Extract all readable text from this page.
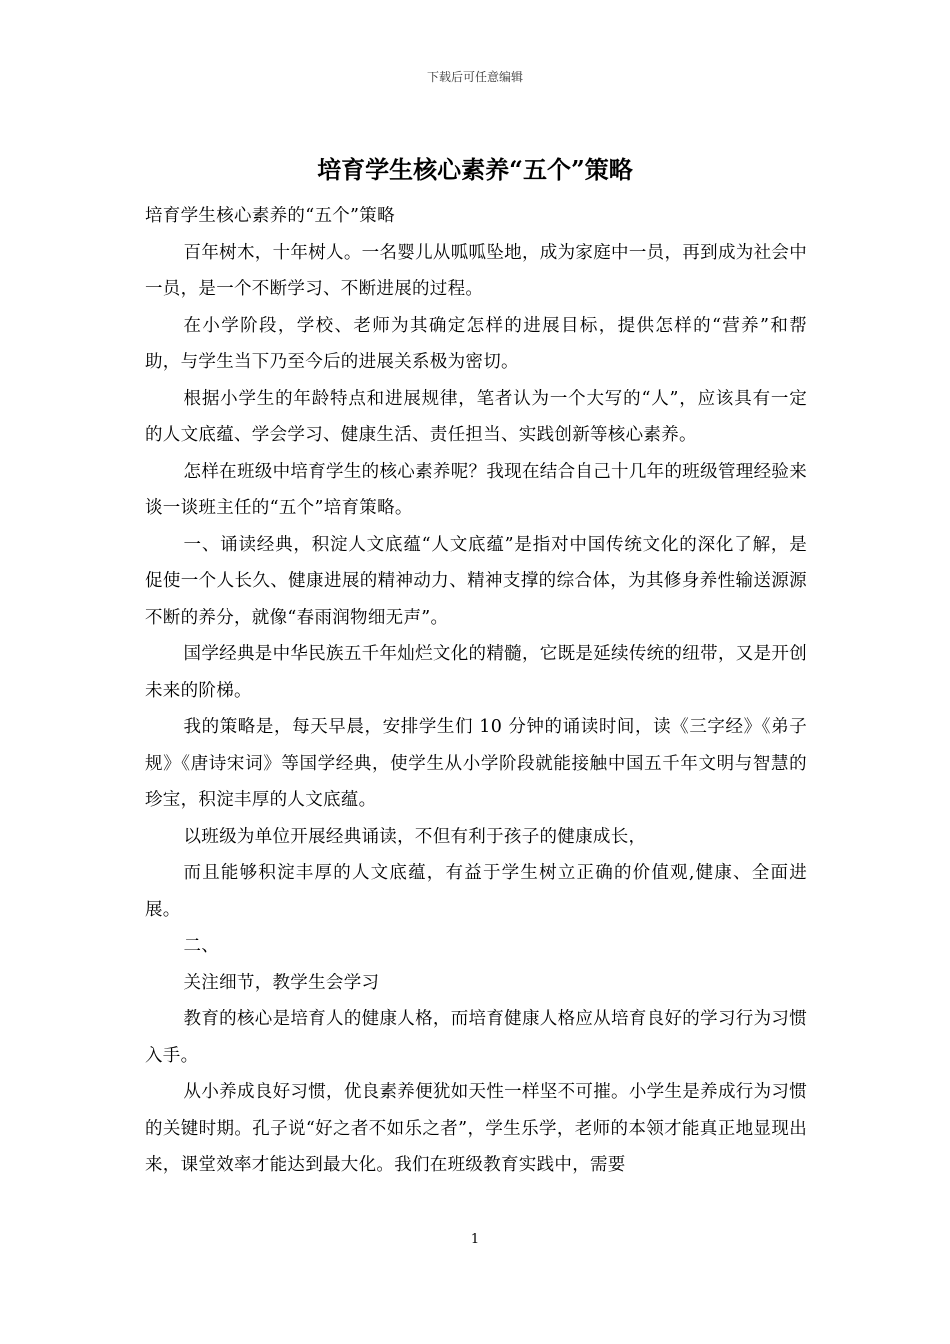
下载后可任意编辑
培育学生核心素养“五个”策略

培育学生核心素养的“五个”策略

百年树木，十年树人。一名婴儿从呱呱坠地，成为家庭中一员，再到成为社会中一员，是一个不断学习、不断进展的过程。

在小学阶段，学校、老师为其确定怎样的进展目标，提供怎样的“营养”和帮助，与学生当下乃至今后的进展关系极为密切。

根据小学生的年龄特点和进展规律，笔者认为一个大写的“人”，应该具有一定的人文底蕴、学会学习、健康生活、责任担当、实践创新等核心素养。

怎样在班级中培育学生的核心素养呢？我现在结合自己十几年的班级管理经验来谈一谈班主任的“五个”培育策略。

一、诵读经典，积淀人文底蕴“人文底蕴”是指对中国传统文化的深化了解，是促使一个人长久、健康进展的精神动力、精神支撑的综合体，为其修身养性输送源源不断的养分，就像“春雨润物细无声”。

国学经典是中华民族五千年灿烂文化的精髓，它既是延续传统的纽带，又是开创未来的阶梯。

我的策略是，每天早晨，安排学生们 10 分钟的诵读时间，读《三字经》《弟子规》《唐诗宋词》等国学经典，使学生从小学阶段就能接触中国五千年文明与智慧的珍宝，积淀丰厚的人文底蕴。

以班级为单位开展经典诵读，不但有利于孩子的健康成长，

而且能够积淀丰厚的人文底蕴，有益于学生树立正确的价值观,健康、全面进展。

二、

关注细节，教学生会学习

教育的核心是培育人的健康人格，而培育健康人格应从培育良好的学习行为习惯入手。

从小养成良好习惯，优良素养便犹如天性一样坚不可摧。小学生是养成行为习惯的关键时期。孔子说“好之者不如乐之者”，学生乐学，老师的本领才能真正地显现出来，课堂效率才能达到最大化。我们在班级教育实践中，需要

1
